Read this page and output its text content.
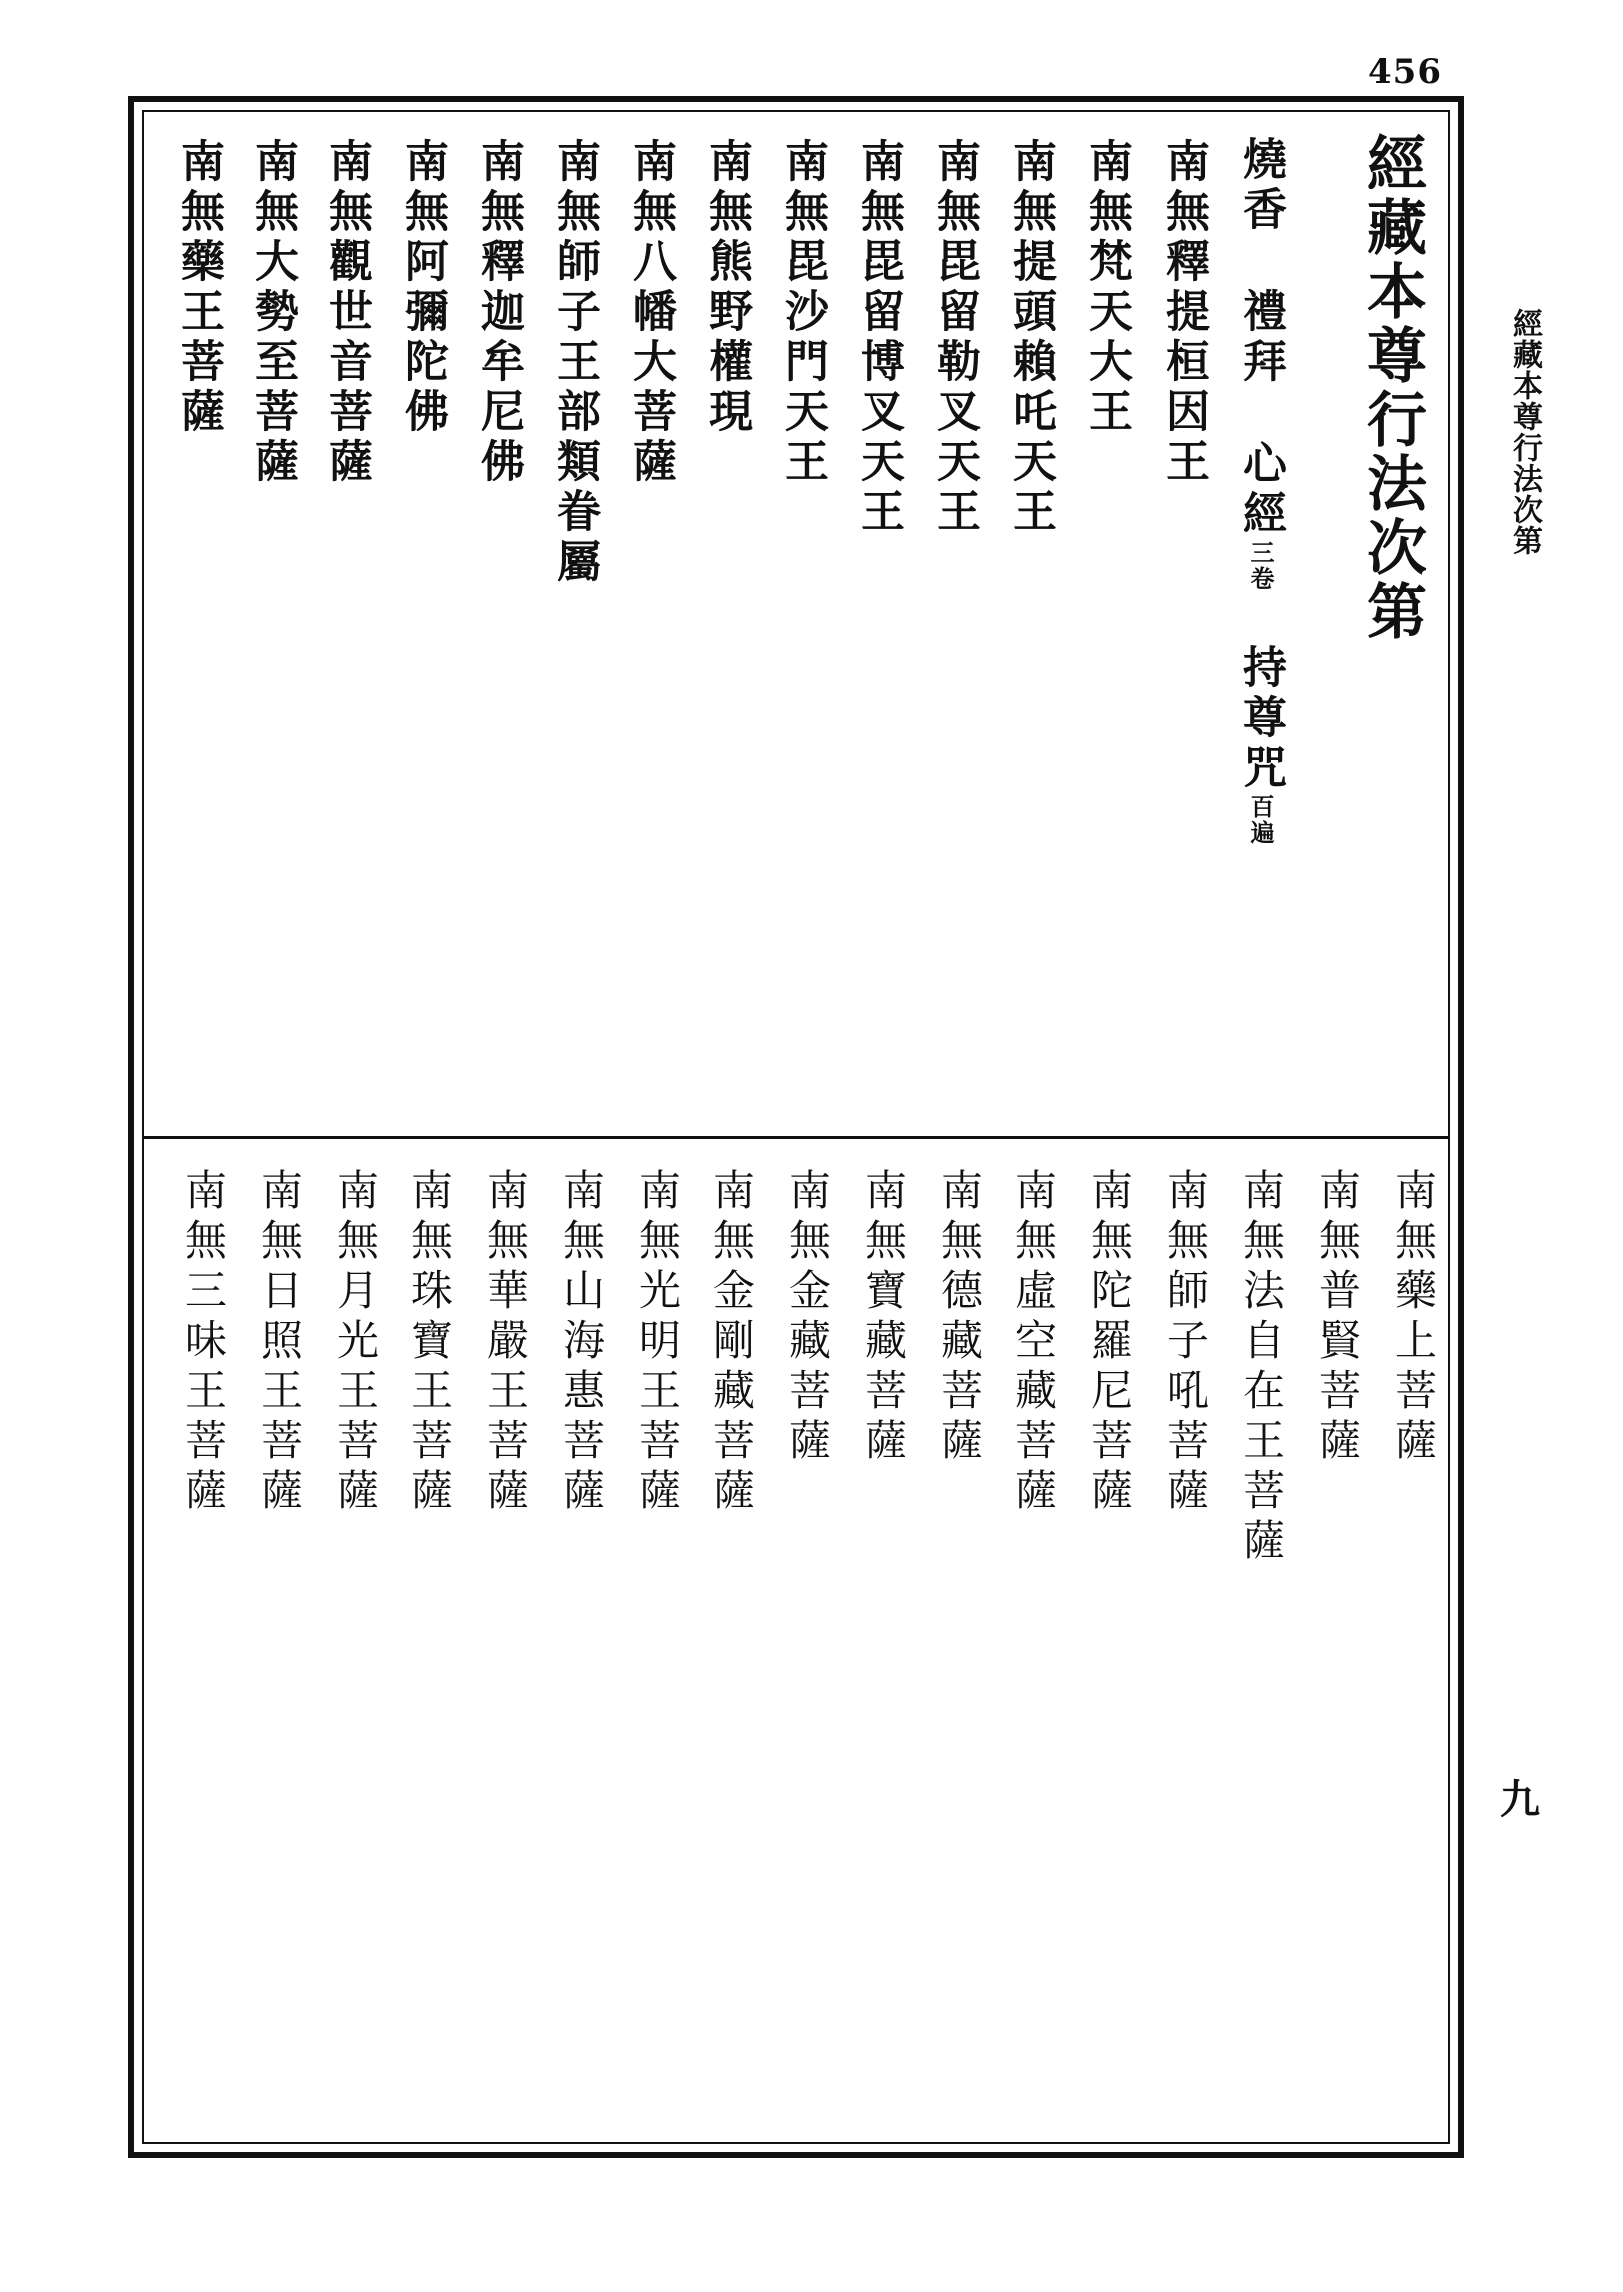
456
經藏本尊行法次第
九
經藏本尊行法次第
燒香禮拜心經三卷持尊咒百遍
南無釋提桓因王
南無梵天大王
南無提頭賴吒天王
南無毘留勒叉天王
南無毘留博叉天王
南無毘沙門天王
南無熊野權現
南無八幡大菩薩
南無師子王部類眷屬
南無釋迦牟尼佛
南無阿彌陀佛
南無觀世音菩薩
南無大勢至菩薩
南無藥王菩薩
南無藥上菩薩
南無普賢菩薩
南無法自在王菩薩
南無師子吼菩薩
南無陀羅尼菩薩
南無虛空藏菩薩
南無德藏菩薩
南無寶藏菩薩
南無金藏菩薩
南無金剛藏菩薩
南無光明王菩薩
南無山海惠菩薩
南無華嚴王菩薩
南無珠寶王菩薩
南無月光王菩薩
南無日照王菩薩
南無三味王菩薩
